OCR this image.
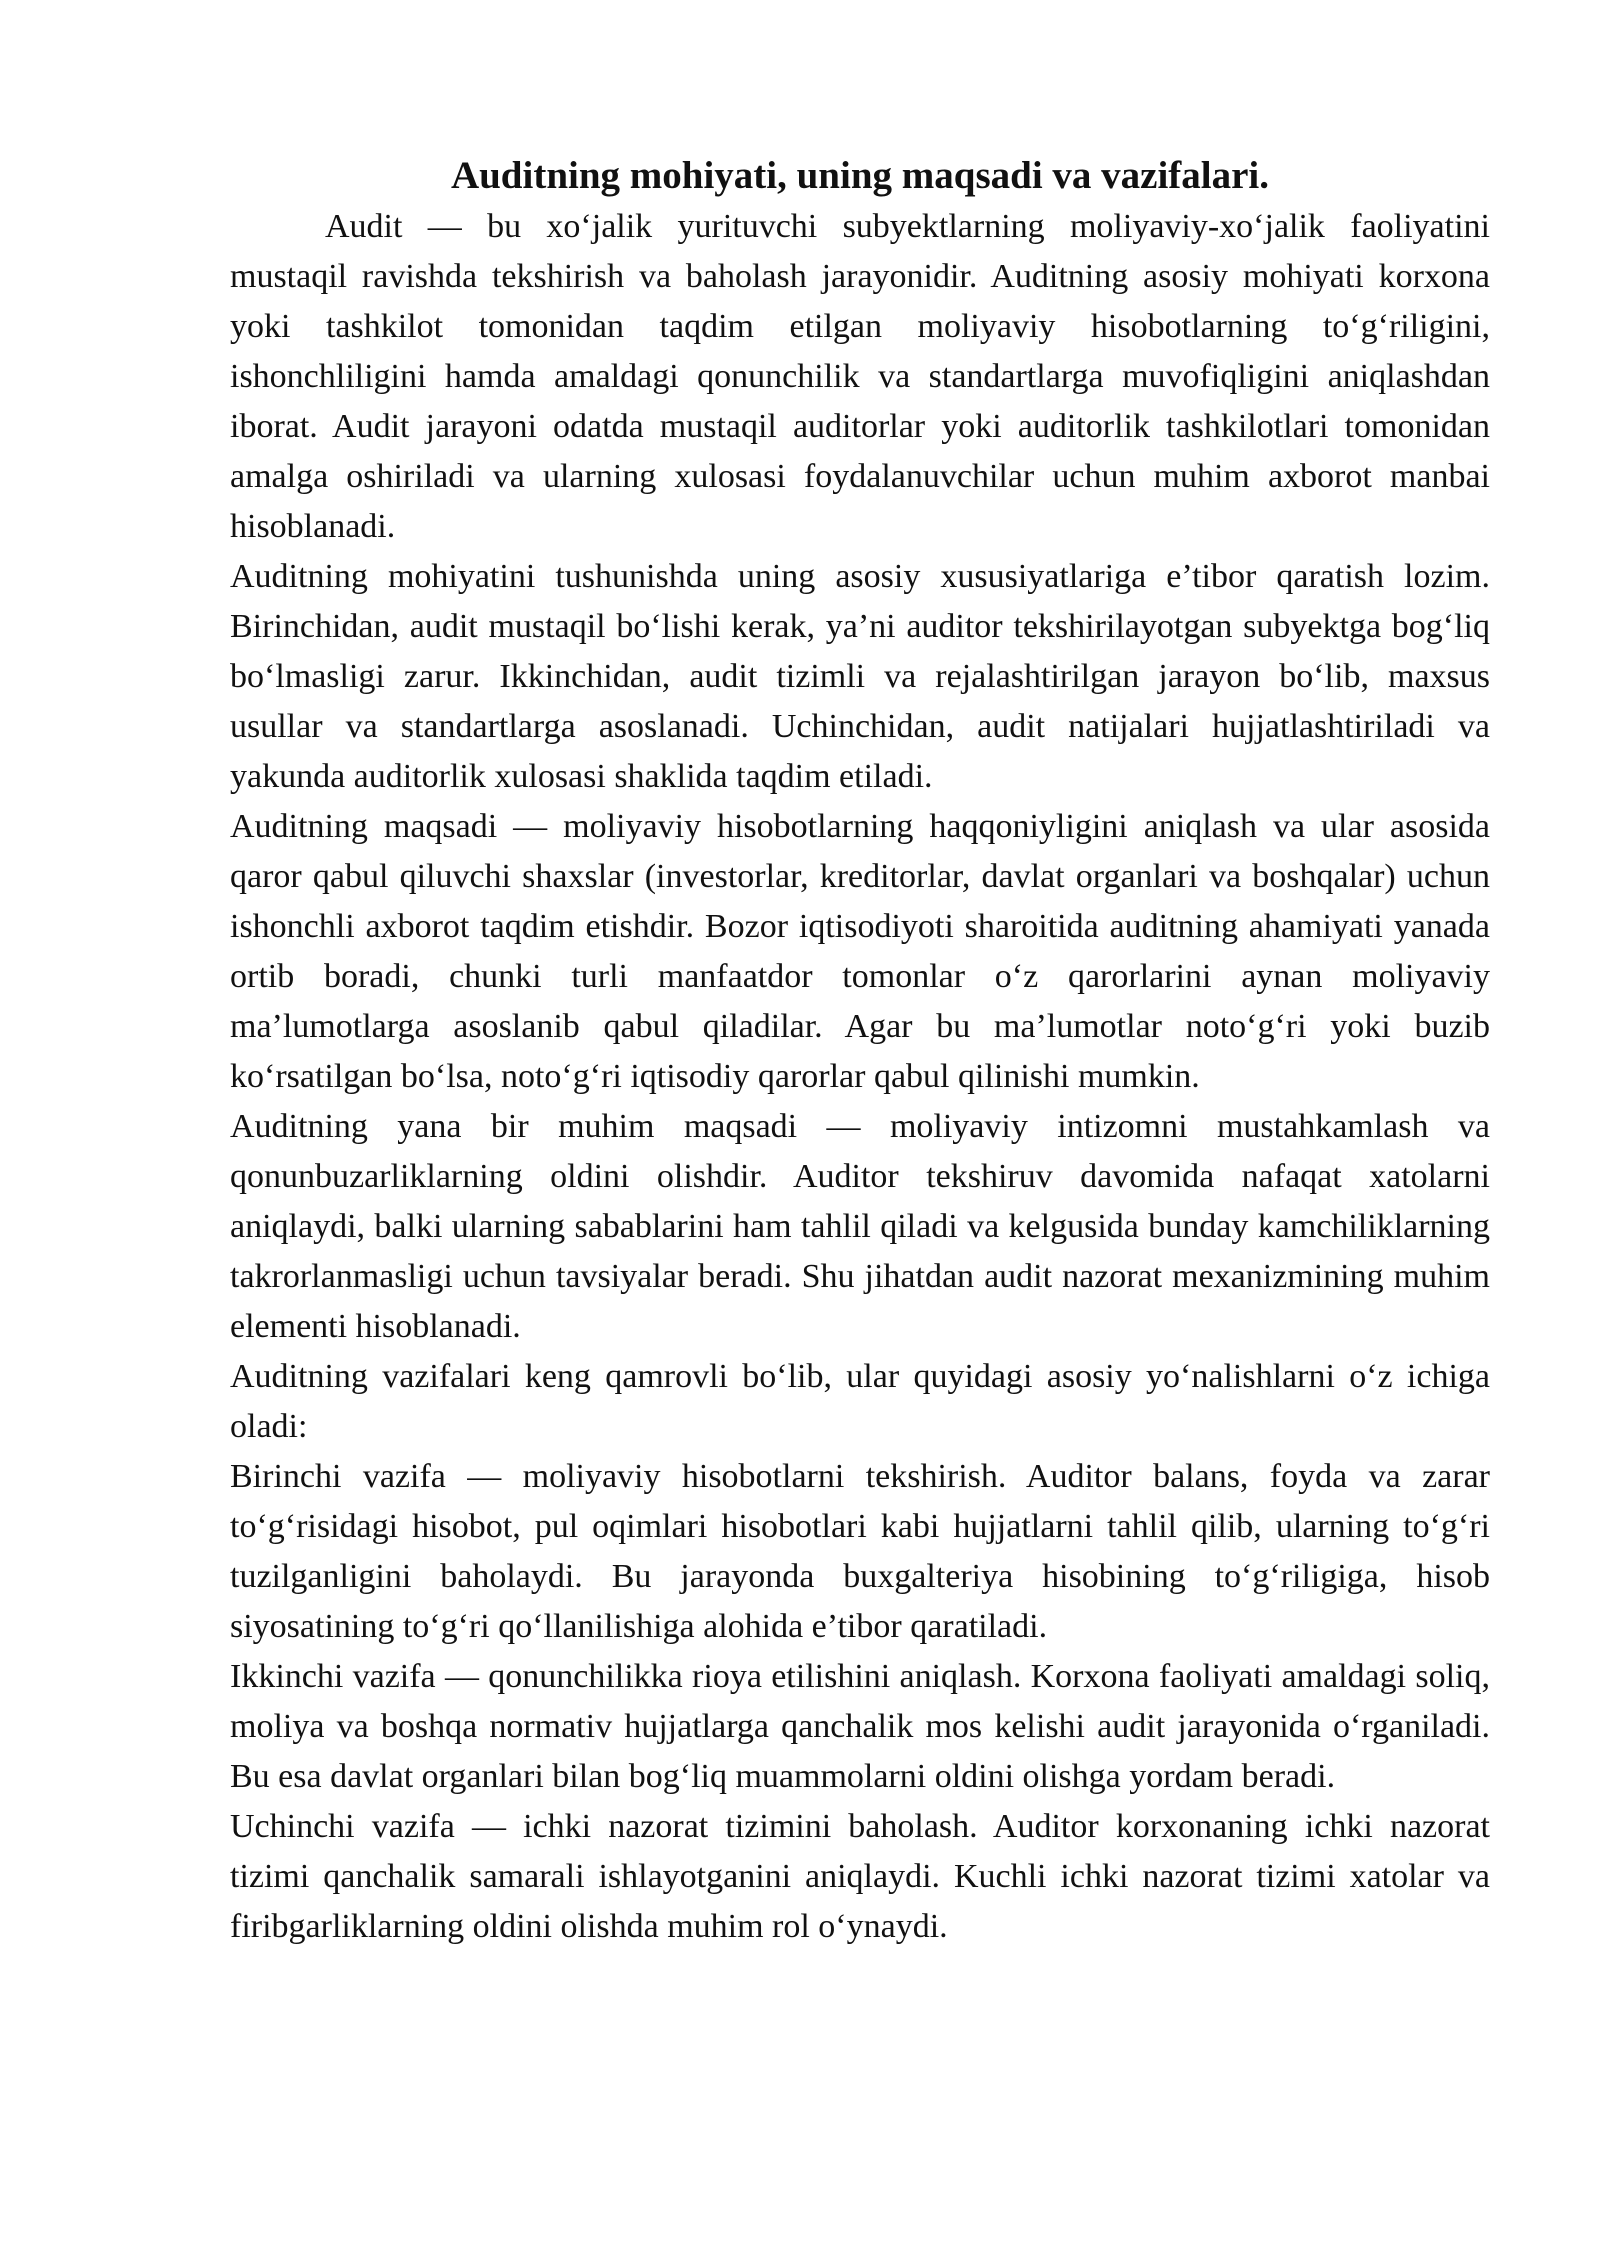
Auditning mohiyati, uning maqsadi va vazifalari.

Audit — bu xo‘jalik yurituvchi subyektlarning moliyaviy-xo‘jalik faoliyatini mustaqil ravishda tekshirish va baholash jarayonidir. Auditning asosiy mohiyati korxona yoki tashkilot tomonidan taqdim etilgan moliyaviy hisobotlarning to‘g‘riligini, ishonchliligini hamda amaldagi qonunchilik va standartlarga muvofiqligini aniqlashdan iborat. Audit jarayoni odatda mustaqil auditorlar yoki auditorlik tashkilotlari tomonidan amalga oshiriladi va ularning xulosasi foydalanuvchilar uchun muhim axborot manbai hisoblanadi.

Auditning mohiyatini tushunishda uning asosiy xususiyatlariga e’tibor qaratish lozim. Birinchidan, audit mustaqil bo‘lishi kerak, ya’ni auditor tekshirilayotgan subyektga bog‘liq bo‘lmasligi zarur. Ikkinchidan, audit tizimli va rejalashtirilgan jarayon bo‘lib, maxsus usullar va standartlarga asoslanadi. Uchinchidan, audit natijalari hujjatlashtiriladi va yakunda auditorlik xulosasi shaklida taqdim etiladi.

Auditning maqsadi — moliyaviy hisobotlarning haqqoniyligini aniqlash va ular asosida qaror qabul qiluvchi shaxslar (investorlar, kreditorlar, davlat organlari va boshqalar) uchun ishonchli axborot taqdim etishdir. Bozor iqtisodiyoti sharoitida auditning ahamiyati yanada ortib boradi, chunki turli manfaatdor tomonlar o‘z qarorlarini aynan moliyaviy ma’lumotlarga asoslanib qabul qiladilar. Agar bu ma’lumotlar noto‘g‘ri yoki buzib ko‘rsatilgan bo‘lsa, noto‘g‘ri iqtisodiy qarorlar qabul qilinishi mumkin.

Auditning yana bir muhim maqsadi — moliyaviy intizomni mustahkamlash va qonunbuzarliklarning oldini olishdir. Auditor tekshiruv davomida nafaqat xatolarni aniqlaydi, balki ularning sabablarini ham tahlil qiladi va kelgusida bunday kamchiliklarning takrorlanmasligi uchun tavsiyalar beradi. Shu jihatdan audit nazorat mexanizmining muhim elementi hisoblanadi.

Auditning vazifalari keng qamrovli bo‘lib, ular quyidagi asosiy yo‘nalishlarni o‘z ichiga oladi:

Birinchi vazifa — moliyaviy hisobotlarni tekshirish. Auditor balans, foyda va zarar to‘g‘risidagi hisobot, pul oqimlari hisobotlari kabi hujjatlarni tahlil qilib, ularning to‘g‘ri tuzilganligini baholaydi. Bu jarayonda buxgalteriya hisobining to‘g‘riligiga, hisob siyosatining to‘g‘ri qo‘llanilishiga alohida e’tibor qaratiladi.

Ikkinchi vazifa — qonunchilikka rioya etilishini aniqlash. Korxona faoliyati amaldagi soliq, moliya va boshqa normativ hujjatlarga qanchalik mos kelishi audit jarayonida o‘rganiladi. Bu esa davlat organlari bilan bog‘liq muammolarni oldini olishga yordam beradi.

Uchinchi vazifa — ichki nazorat tizimini baholash. Auditor korxonaning ichki nazorat tizimi qanchalik samarali ishlayotganini aniqlaydi. Kuchli ichki nazorat tizimi xatolar va firibgarliklarning oldini olishda muhim rol o‘ynaydi.
